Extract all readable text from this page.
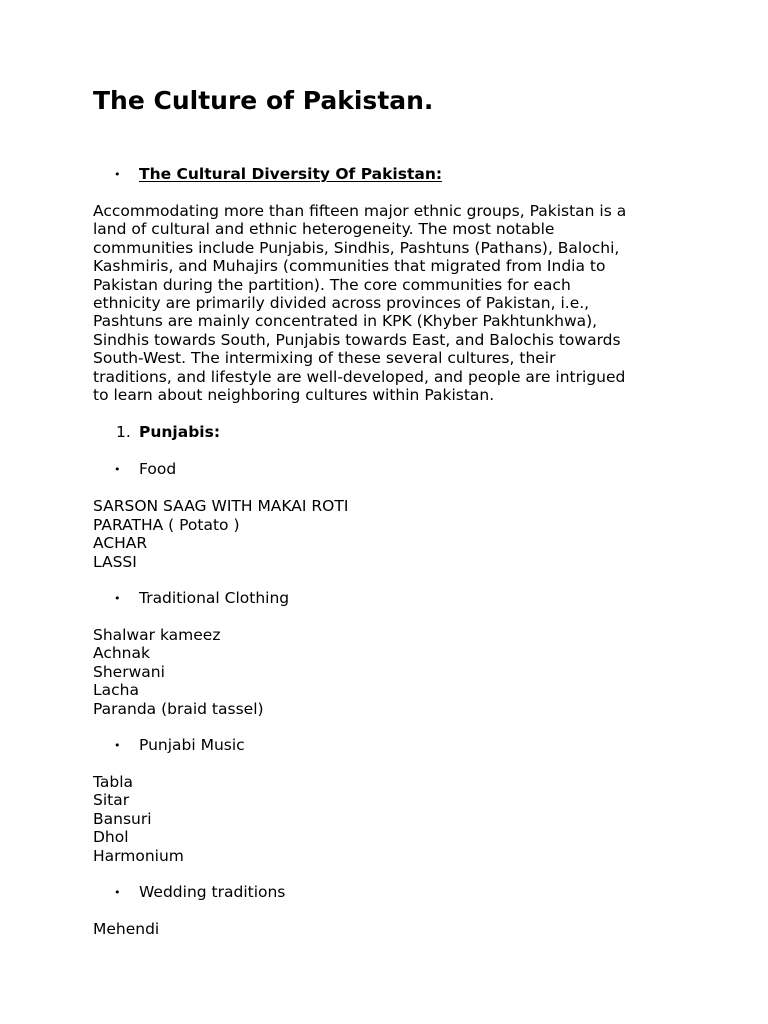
The Culture of Pakistan.
• The Cultural Diversity Of Pakistan:
Accommodating more than fifteen major ethnic groups, Pakistan is a
land of cultural and ethnic heterogeneity. The most notable
communities include Punjabis, Sindhis, Pashtuns (Pathans), Balochi,
Kashmiris, and Muhajirs (communities that migrated from India to
Pakistan during the partition). The core communities for each
ethnicity are primarily divided across provinces of Pakistan, i.e.,
Pashtuns are mainly concentrated in KPK (Khyber Pakhtunkhwa),
Sindhis towards South, Punjabis towards East, and Balochis towards
South-West. The intermixing of these several cultures, their
traditions, and lifestyle are well-developed, and people are intrigued
to learn about neighboring cultures within Pakistan.
1. Punjabis:
• Food
SARSON SAAG WITH MAKAI ROTI
PARATHA ( Potato )
ACHAR
LASSI
• Traditional Clothing
Shalwar kameez
Achnak
Sherwani
Lacha
Paranda (braid tassel)
• Punjabi Music
Tabla
Sitar
Bansuri
Dhol
Harmonium
• Wedding traditions
Mehendi
